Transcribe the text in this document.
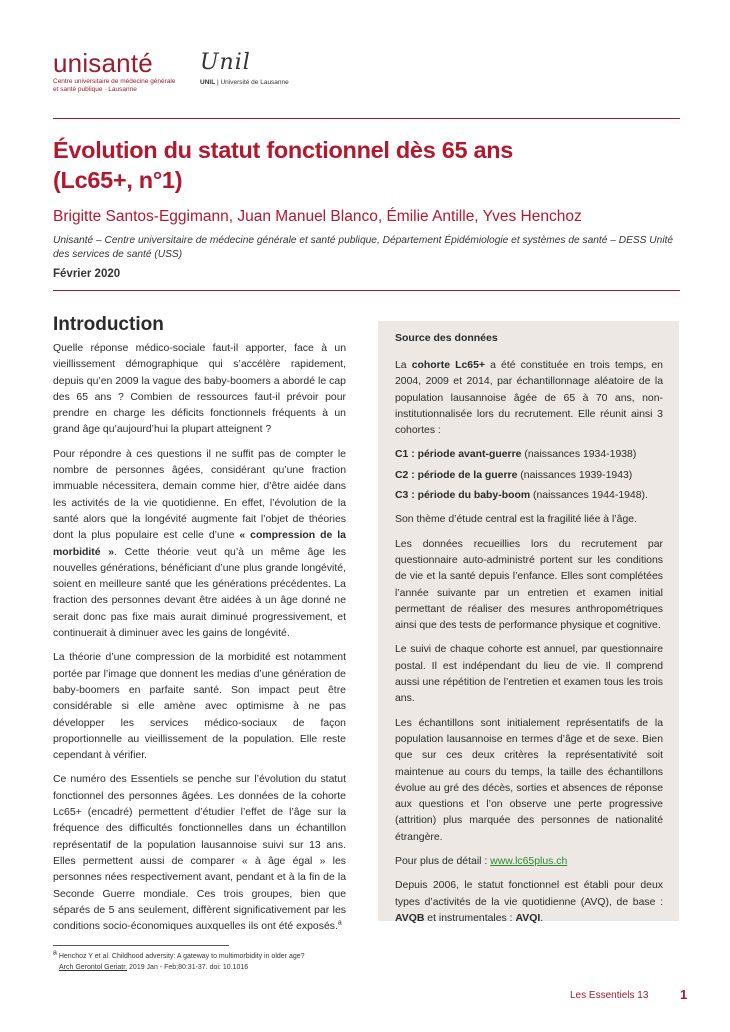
unisanté
Centre universitaire de médecine générale
et santé publique · Lausanne
Unil
UNIL | Université de Lausanne
Évolution du statut fonctionnel dès 65 ans
(Lc65+, n°1)
Brigitte Santos-Eggimann, Juan Manuel Blanco, Émilie Antille, Yves Henchoz
Unisanté – Centre universitaire de médecine générale et santé publique, Département Épidémiologie et systèmes de santé – DESS Unité des services de santé (USS)
Février 2020
Introduction

Quelle réponse médico-sociale faut-il apporter, face à un vieillissement démographique qui s’accélère rapidement, depuis qu’en 2009 la vague des baby-boomers a abordé le cap des 65 ans ? Combien de ressources faut-il prévoir pour prendre en charge les déficits fonctionnels fréquents à un grand âge qu’aujourd’hui la plupart atteignent ?

Pour répondre à ces questions il ne suffit pas de compter le nombre de personnes âgées, considérant qu’une fraction immuable nécessitera, demain comme hier, d’être aidée dans les activités de la vie quotidienne. En effet, l’évolution de la santé alors que la longévité augmente fait l’objet de théories dont la plus populaire est celle d’une « compression de la morbidité ». Cette théorie veut qu’à un même âge les nouvelles générations, bénéficiant d’une plus grande longévité, soient en meilleure santé que les générations précédentes. La fraction des personnes devant être aidées à un âge donné ne serait donc pas fixe mais aurait diminué progressivement, et continuerait à diminuer avec les gains de longévité.

La théorie d’une compression de la morbidité est notamment portée par l’image que donnent les medias d’une génération de baby-boomers en parfaite santé. Son impact peut être considérable si elle amène avec optimisme à ne pas développer les services médico-sociaux de façon proportionnelle au vieillissement de la population. Elle reste cependant à vérifier.

Ce numéro des Essentiels se penche sur l’évolution du statut fonctionnel des personnes âgées. Les données de la cohorte Lc65+ (encadré) permettent d’étudier l’effet de l’âge sur la fréquence des difficultés fonctionnelles dans un échantillon représentatif de la population lausannoise suivi sur 13 ans. Elles permettent aussi de comparer « à âge égal » les personnes nées respectivement avant, pendant et à la fin de la Seconde Guerre mondiale. Ces trois groupes, bien que séparés de 5 ans seulement, diffèrent significativement par les conditions socio-économiques auxquelles ils ont été exposés.$^a$

Source des données

La cohorte Lc65+ a été constituée en trois temps, en 2004, 2009 et 2014, par échantillonnage aléatoire de la population lausannoise âgée de 65 à 70 ans, non-institutionnalisée lors du recrutement. Elle réunit ainsi 3 cohortes :

C1 : période avant-guerre (naissances 1934-1938)

C2 : période de la guerre (naissances 1939-1943)

C3 : période du baby-boom (naissances 1944-1948).

Son thème d’étude central est la fragilité liée à l’âge.

Les données recueillies lors du recrutement par questionnaire auto-administré portent sur les conditions de vie et la santé depuis l’enfance. Elles sont complétées l’année suivante par un entretien et examen initial permettant de réaliser des mesures anthropométriques ainsi que des tests de performance physique et cognitive.

Le suivi de chaque cohorte est annuel, par questionnaire postal. Il est indépendant du lieu de vie. Il comprend aussi une répétition de l’entretien et examen tous les trois ans.

Les échantillons sont initialement représentatifs de la population lausannoise en termes d’âge et de sexe. Bien que sur ces deux critères la représentativité soit maintenue au cours du temps, la taille des échantillons évolue au gré des décès, sorties et absences de réponse aux questions et l’on observe une perte progressive (attrition) plus marquée des personnes de nationalité étrangère.

Pour plus de détail : www.lc65plus.ch

Depuis 2006, le statut fonctionnel est établi pour deux types d’activités de la vie quotidienne (AVQ), de base : AVQB et instrumentales : AVQI.

a Henchoz Y et al. Childhood adversity: A gateway to multimorbidity in older age?
Arch Gerontol Geriatr. 2019 Jan - Feb;80:31-37. doi: 10.1016
Les Essentiels 13 1
